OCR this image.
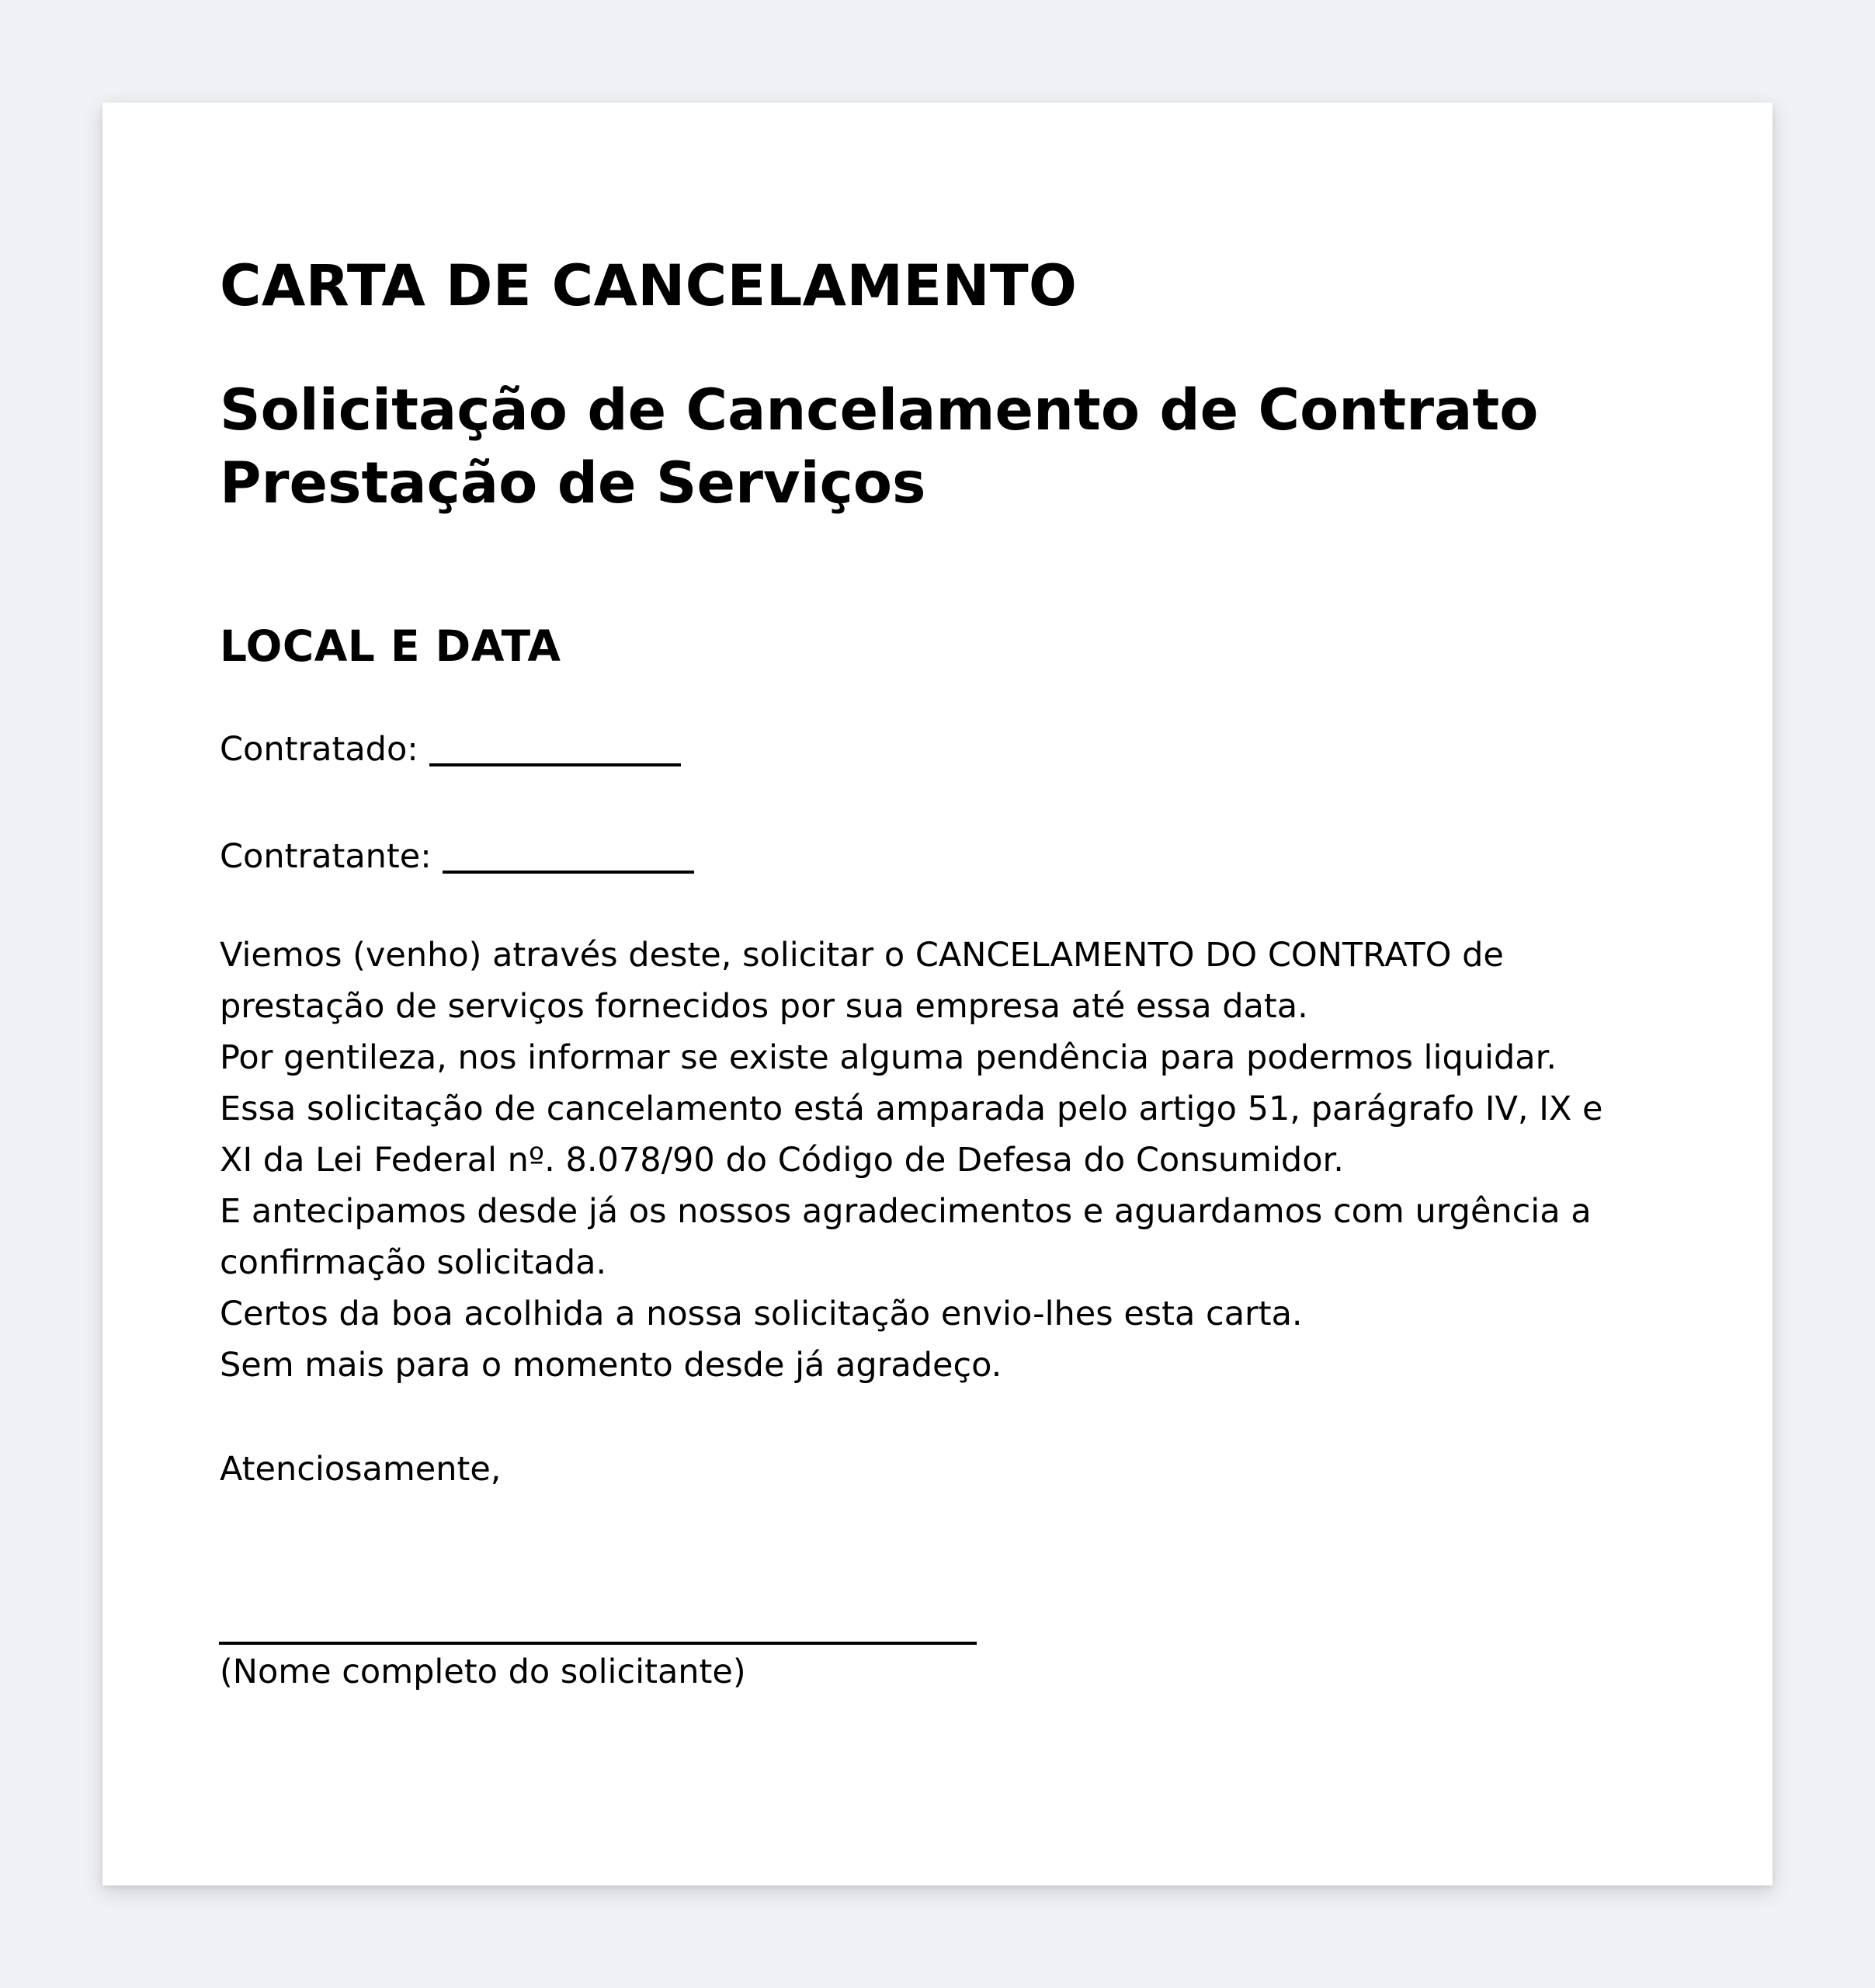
CARTA DE CANCELAMENTO
Solicitação de Cancelamento de Contrato
Prestação de Serviços
LOCAL E DATA
Contratado:
Contratante:
Viemos (venho) através deste, solicitar o CANCELAMENTO DO CONTRATO de
prestação de serviços fornecidos por sua empresa até essa data.
Por gentileza, nos informar se existe alguma pendência para podermos liquidar.
Essa solicitação de cancelamento está amparada pelo artigo 51, parágrafo IV, IX e
XI da Lei Federal nº. 8.078/90 do Código de Defesa do Consumidor.
E antecipamos desde já os nossos agradecimentos e aguardamos com urgência a
confirmação solicitada.
Certos da boa acolhida a nossa solicitação envio-lhes esta carta.
Sem mais para o momento desde já agradeço.
Atenciosamente,
(Nome completo do solicitante)
